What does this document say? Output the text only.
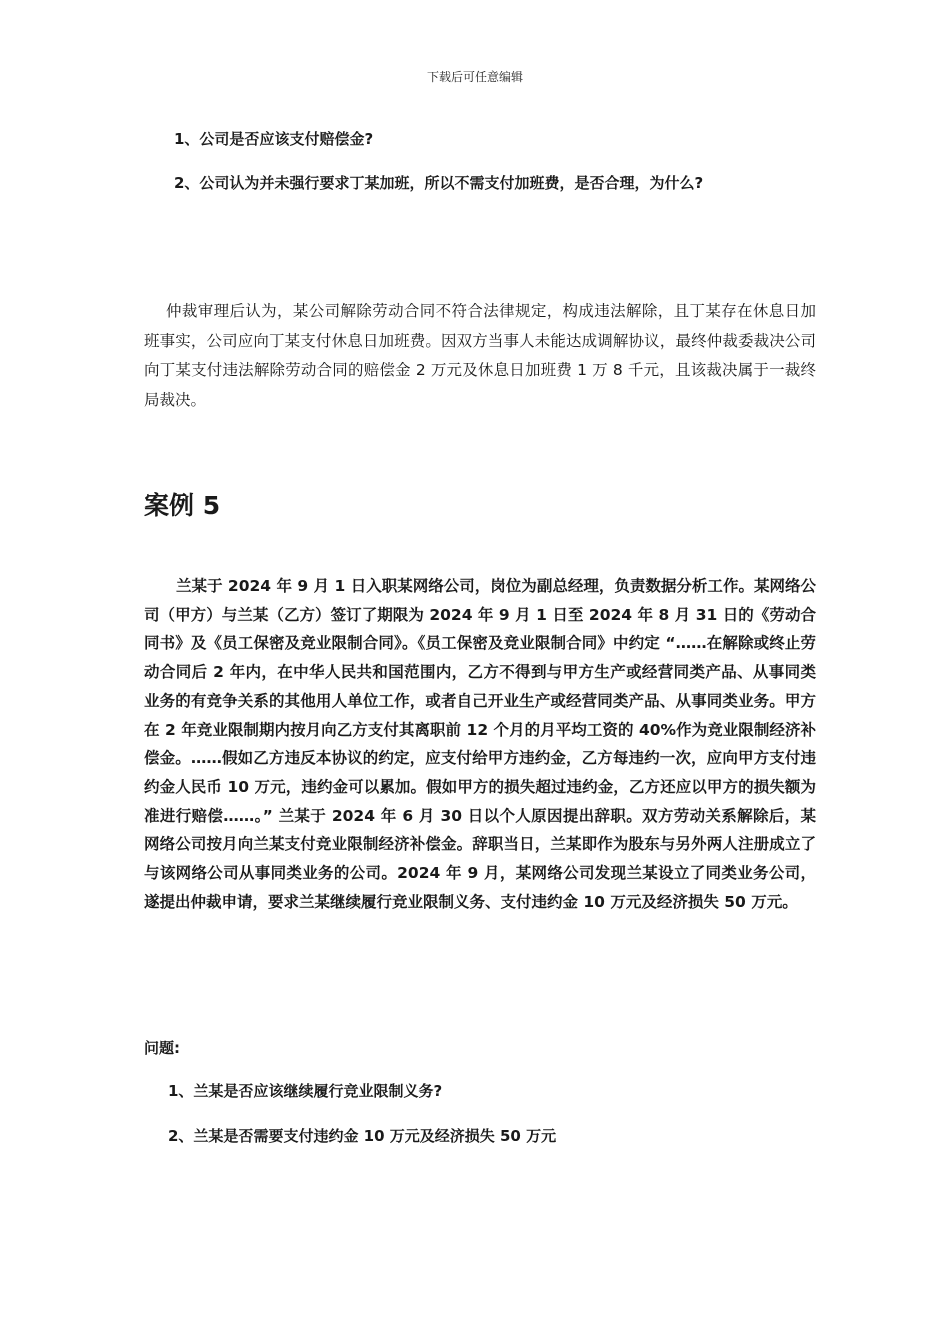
下载后可任意编辑
1、公司是否应该支付赔偿金?
2、公司认为并未强行要求丁某加班，所以不需支付加班费，是否合理，为什么?
仲裁审理后认为，某公司解除劳动合同不符合法律规定，构成违法解除，且丁某存在休息日加班事实，公司应向丁某支付休息日加班费。因双方当事人未能达成调解协议，最终仲裁委裁决公司向丁某支付违法解除劳动合同的赔偿金 2 万元及休息日加班费 1 万 8 千元，且该裁决属于一裁终局裁决。
案例 5
兰某于 2024 年 9 月 1 日入职某网络公司，岗位为副总经理，负责数据分析工作。某网络公司（甲方）与兰某（乙方）签订了期限为 2024 年 9 月 1 日至 2024 年 8 月 31 日的《劳动合同书》及《员工保密及竞业限制合同》。《员工保密及竞业限制合同》中约定 “……在解除或终止劳动合同后 2 年内，在中华人民共和国范围内，乙方不得到与甲方生产或经营同类产品、从事同类业务的有竞争关系的其他用人单位工作，或者自己开业生产或经营同类产品、从事同类业务。甲方在 2 年竞业限制期内按月向乙方支付其离职前 12 个月的月平均工资的 40%作为竞业限制经济补偿金。……假如乙方违反本协议的约定，应支付给甲方违约金，乙方每违约一次，应向甲方支付违约金人民币 10 万元，违约金可以累加。假如甲方的损失超过违约金，乙方还应以甲方的损失额为准进行赔偿……。” 兰某于 2024 年 6 月 30 日以个人原因提出辞职。双方劳动关系解除后，某网络公司按月向兰某支付竞业限制经济补偿金。辞职当日，兰某即作为股东与另外两人注册成立了与该网络公司从事同类业务的公司。2024 年 9 月，某网络公司发现兰某设立了同类业务公司，遂提出仲裁申请，要求兰某继续履行竞业限制义务、支付违约金 10 万元及经济损失 50 万元。
问题:
1、兰某是否应该继续履行竞业限制义务?
2、兰某是否需要支付违约金 10 万元及经济损失 50 万元
